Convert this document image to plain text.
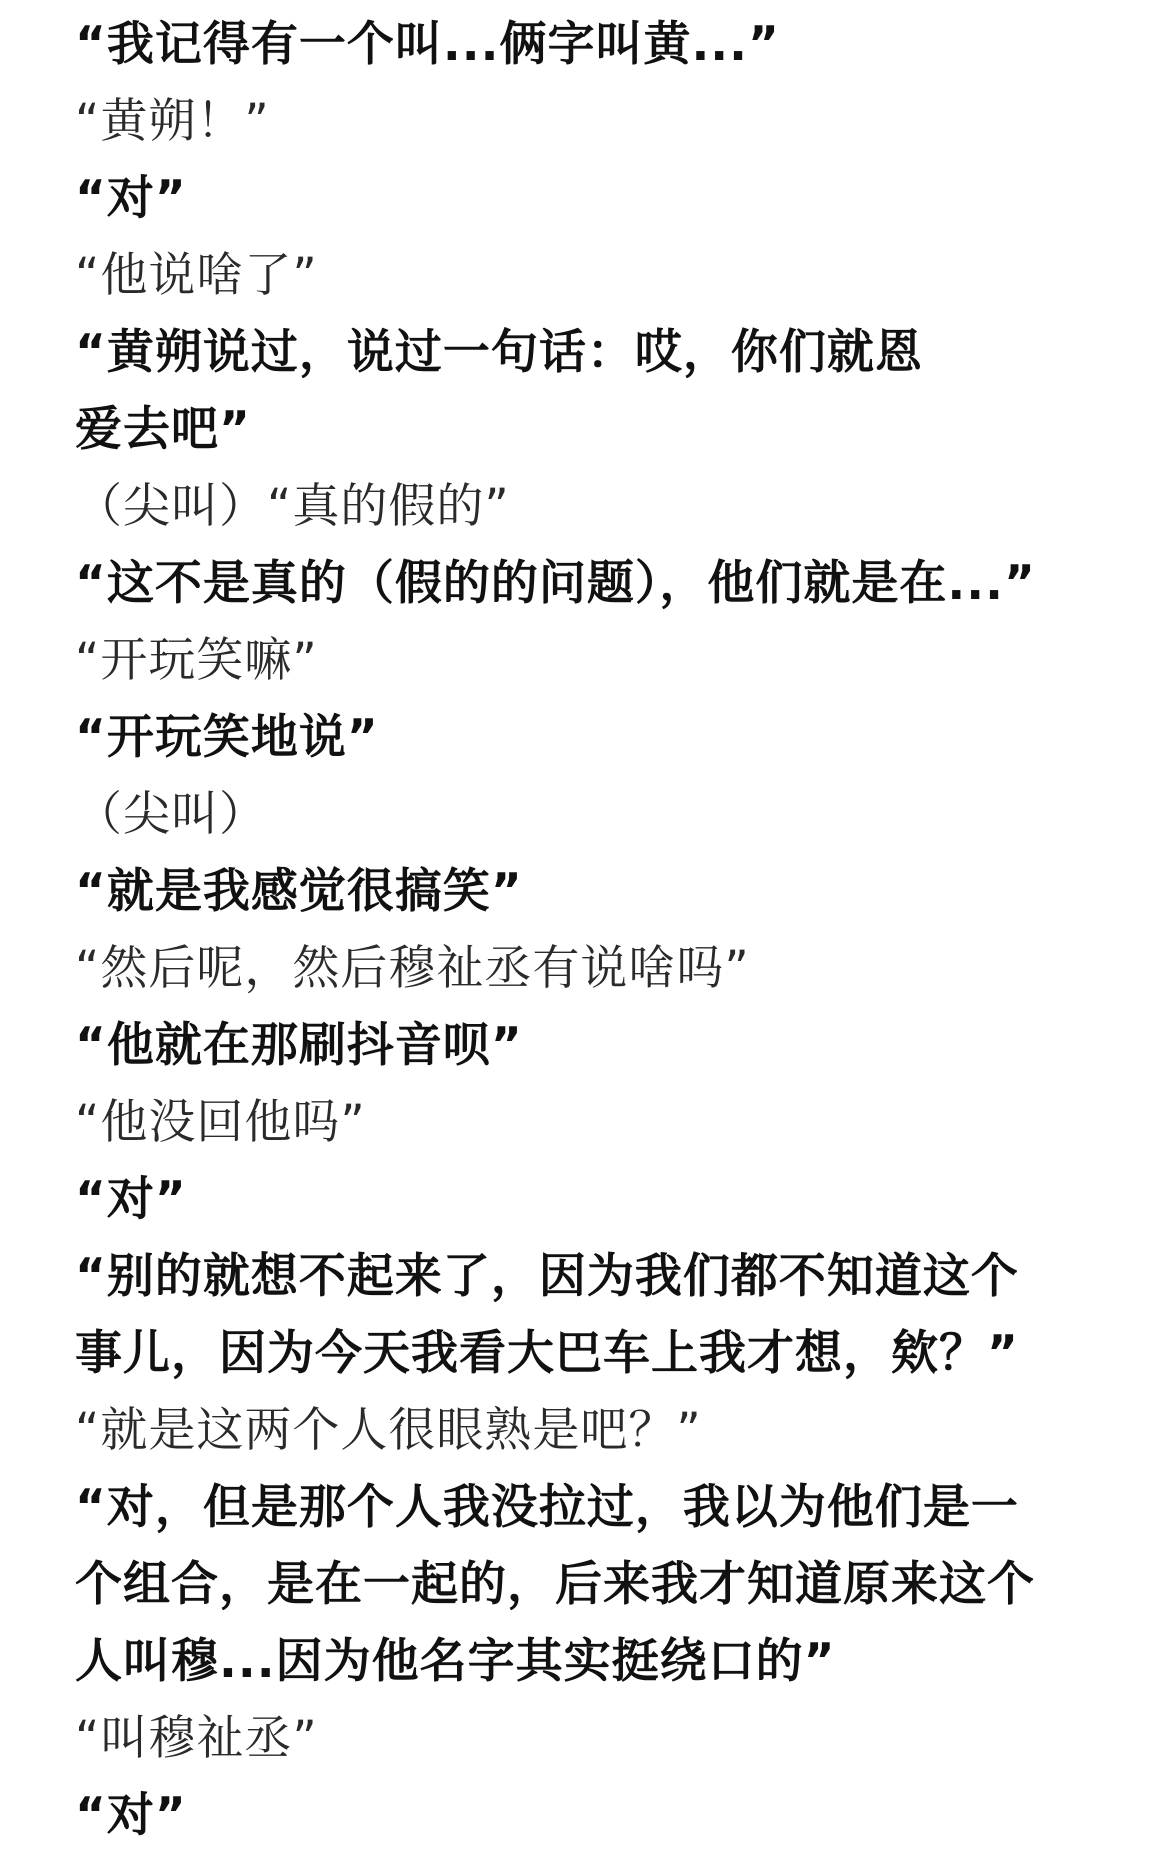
“我记得有一个叫...俩字叫黄...”
“黄朔！”
“对”
“他说啥了”
“黄朔说过，说过一句话：哎，你们就恩
爱去吧”
（尖叫）“真的假的”
“这不是真的（假的的问题），他们就是在...”
“开玩笑嘛”
“开玩笑地说”
（尖叫）
“就是我感觉很搞笑”
“然后呢，然后穆祉丞有说啥吗”
“他就在那刷抖音呗”
“他没回他吗”
“对”
“别的就想不起来了，因为我们都不知道这个
事儿，因为今天我看大巴车上我才想，欸？”
“就是这两个人很眼熟是吧？”
“对，但是那个人我没拉过，我以为他们是一
个组合，是在一起的，后来我才知道原来这个
人叫穆...因为他名字其实挺绕口的”
“叫穆祉丞”
“对”
